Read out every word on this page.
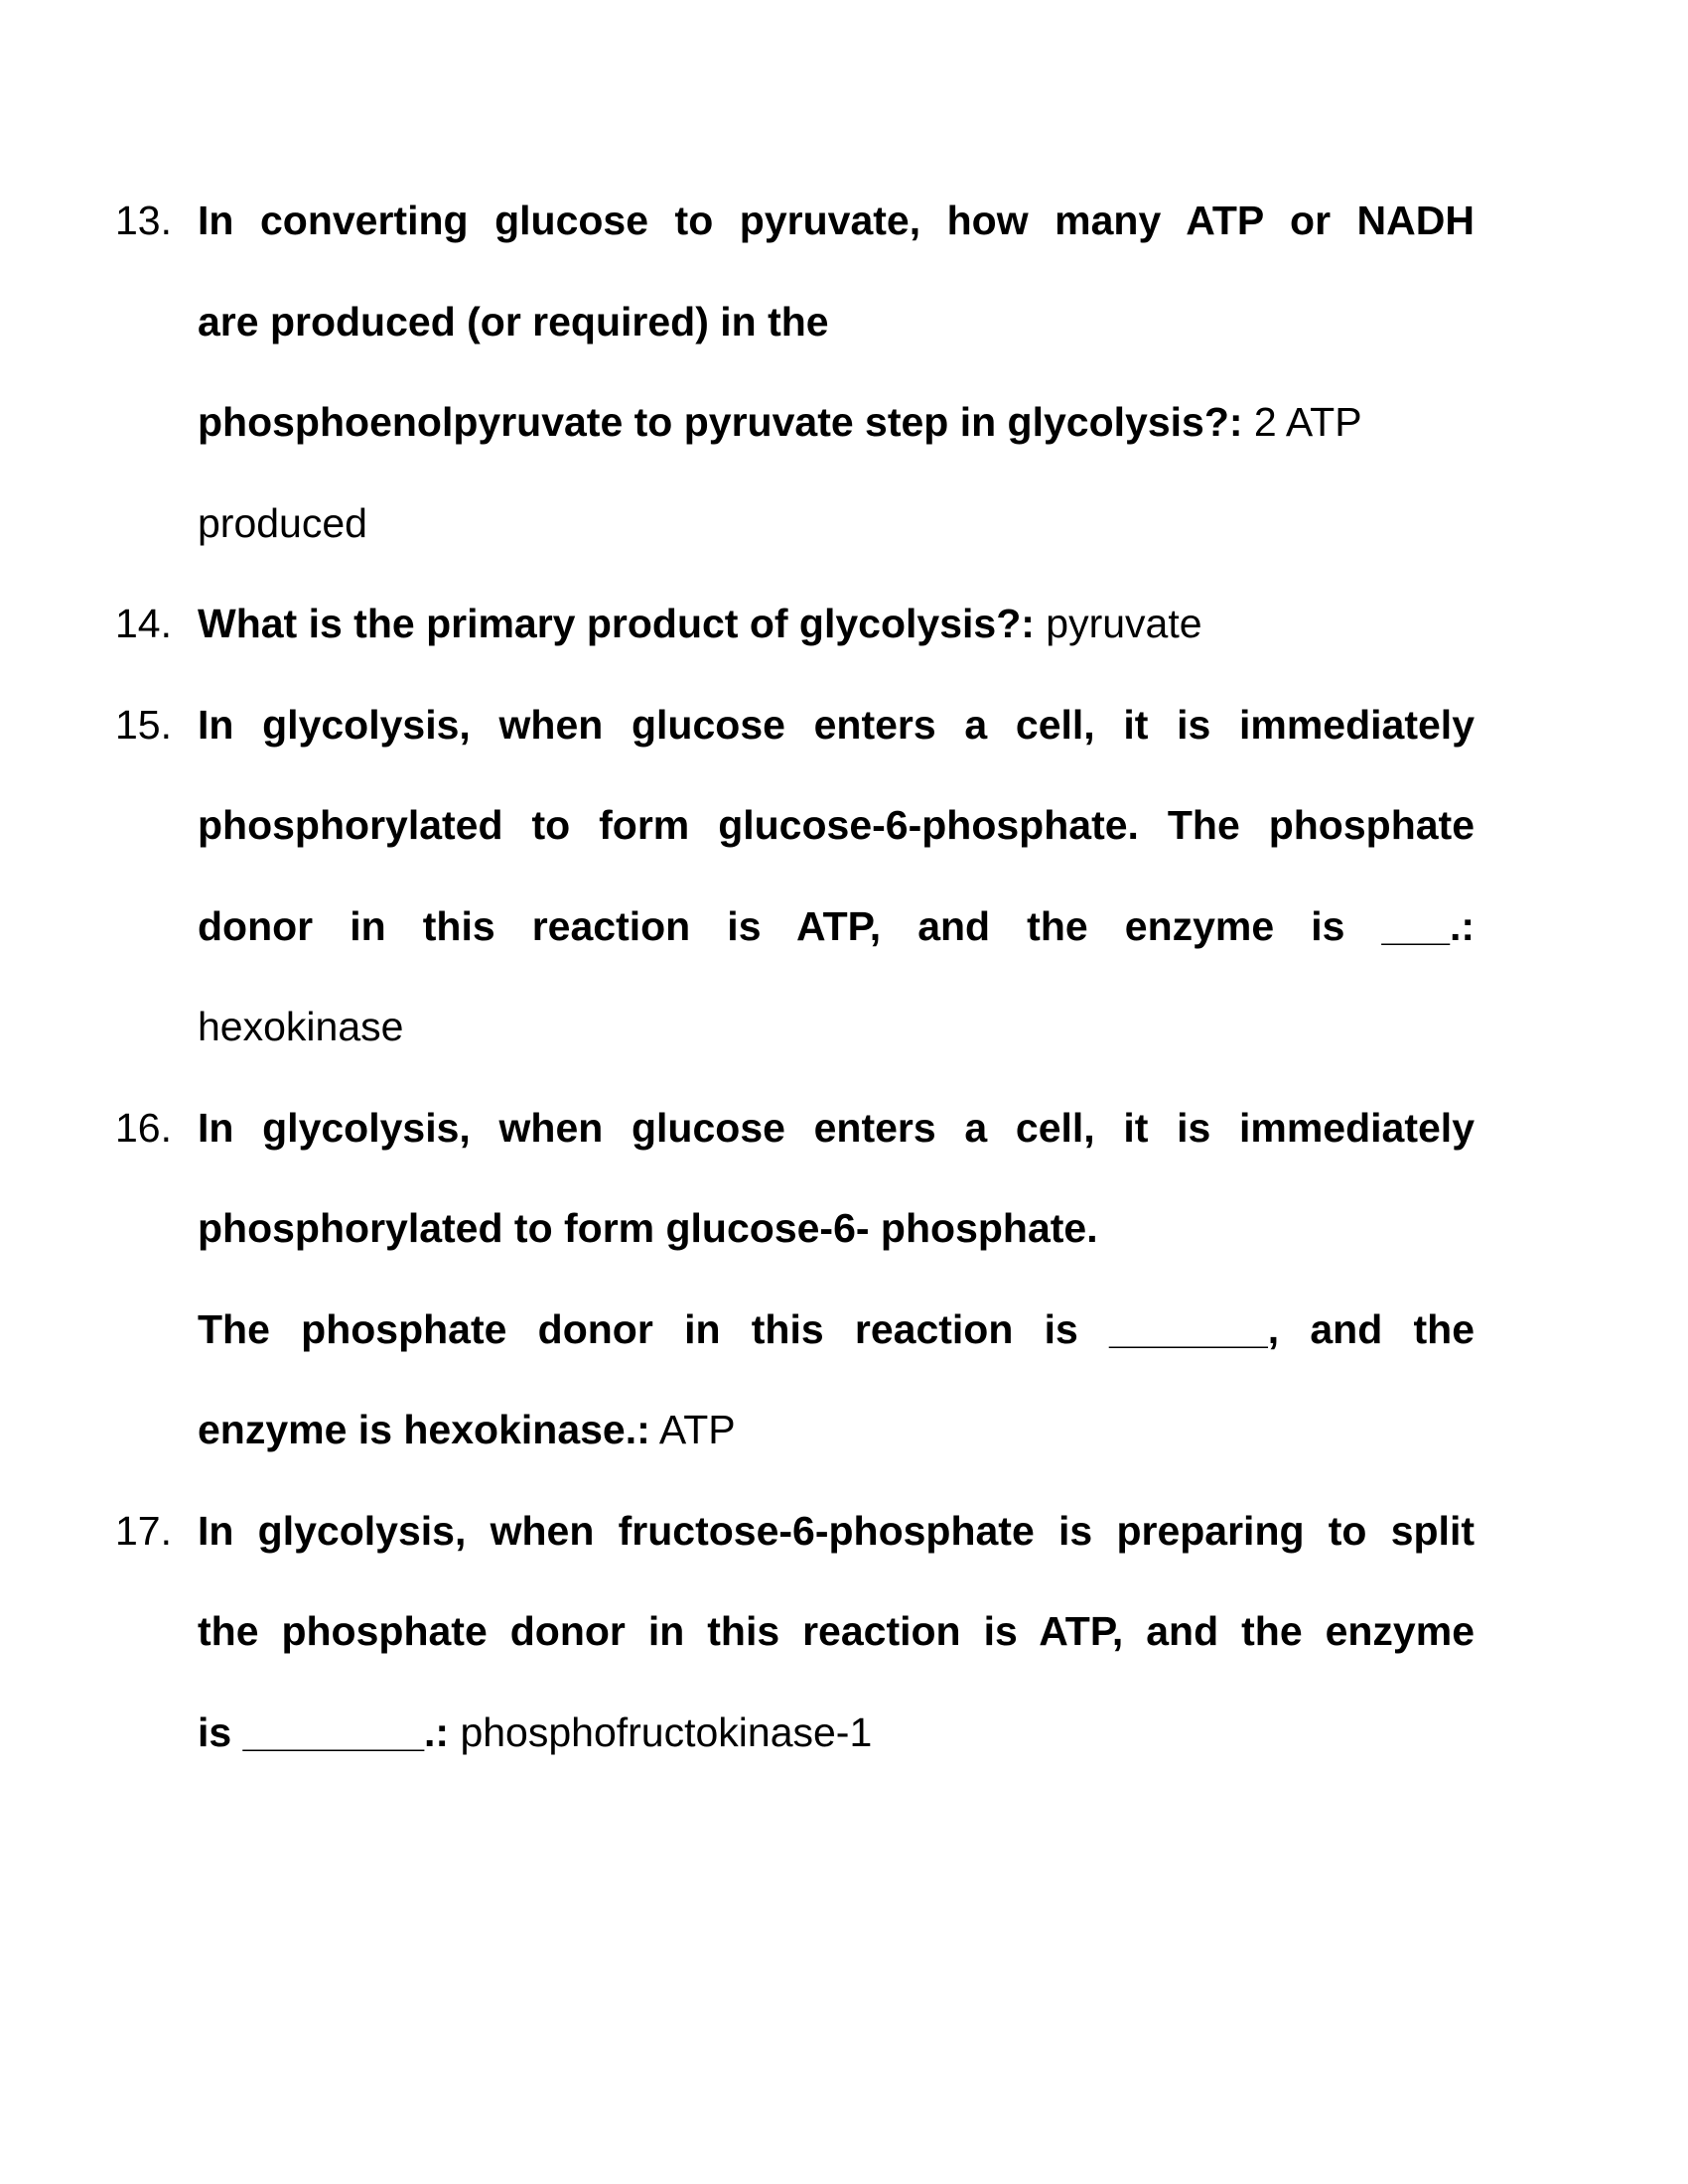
13. In converting glucose to pyruvate, how many ATP or NADH
are produced (or required) in the
phosphoenolpyruvate to pyruvate step in glycolysis?: 2 ATP
produced
14. What is the primary product of glycolysis?: pyruvate
15. In glycolysis, when glucose enters a cell, it is immediately
phosphorylated to form glucose-6-phosphate. The phosphate
donor in this reaction is ATP, and the enzyme is ___.:
hexokinase
16. In glycolysis, when glucose enters a cell, it is immediately
phosphorylated to form glucose-6- phosphate.
The phosphate donor in this reaction is _______, and the
enzyme is hexokinase.: ATP
17. In glycolysis, when fructose-6-phosphate is preparing to split
the phosphate donor in this reaction is ATP, and the enzyme
is ________.: phosphofructokinase-1
